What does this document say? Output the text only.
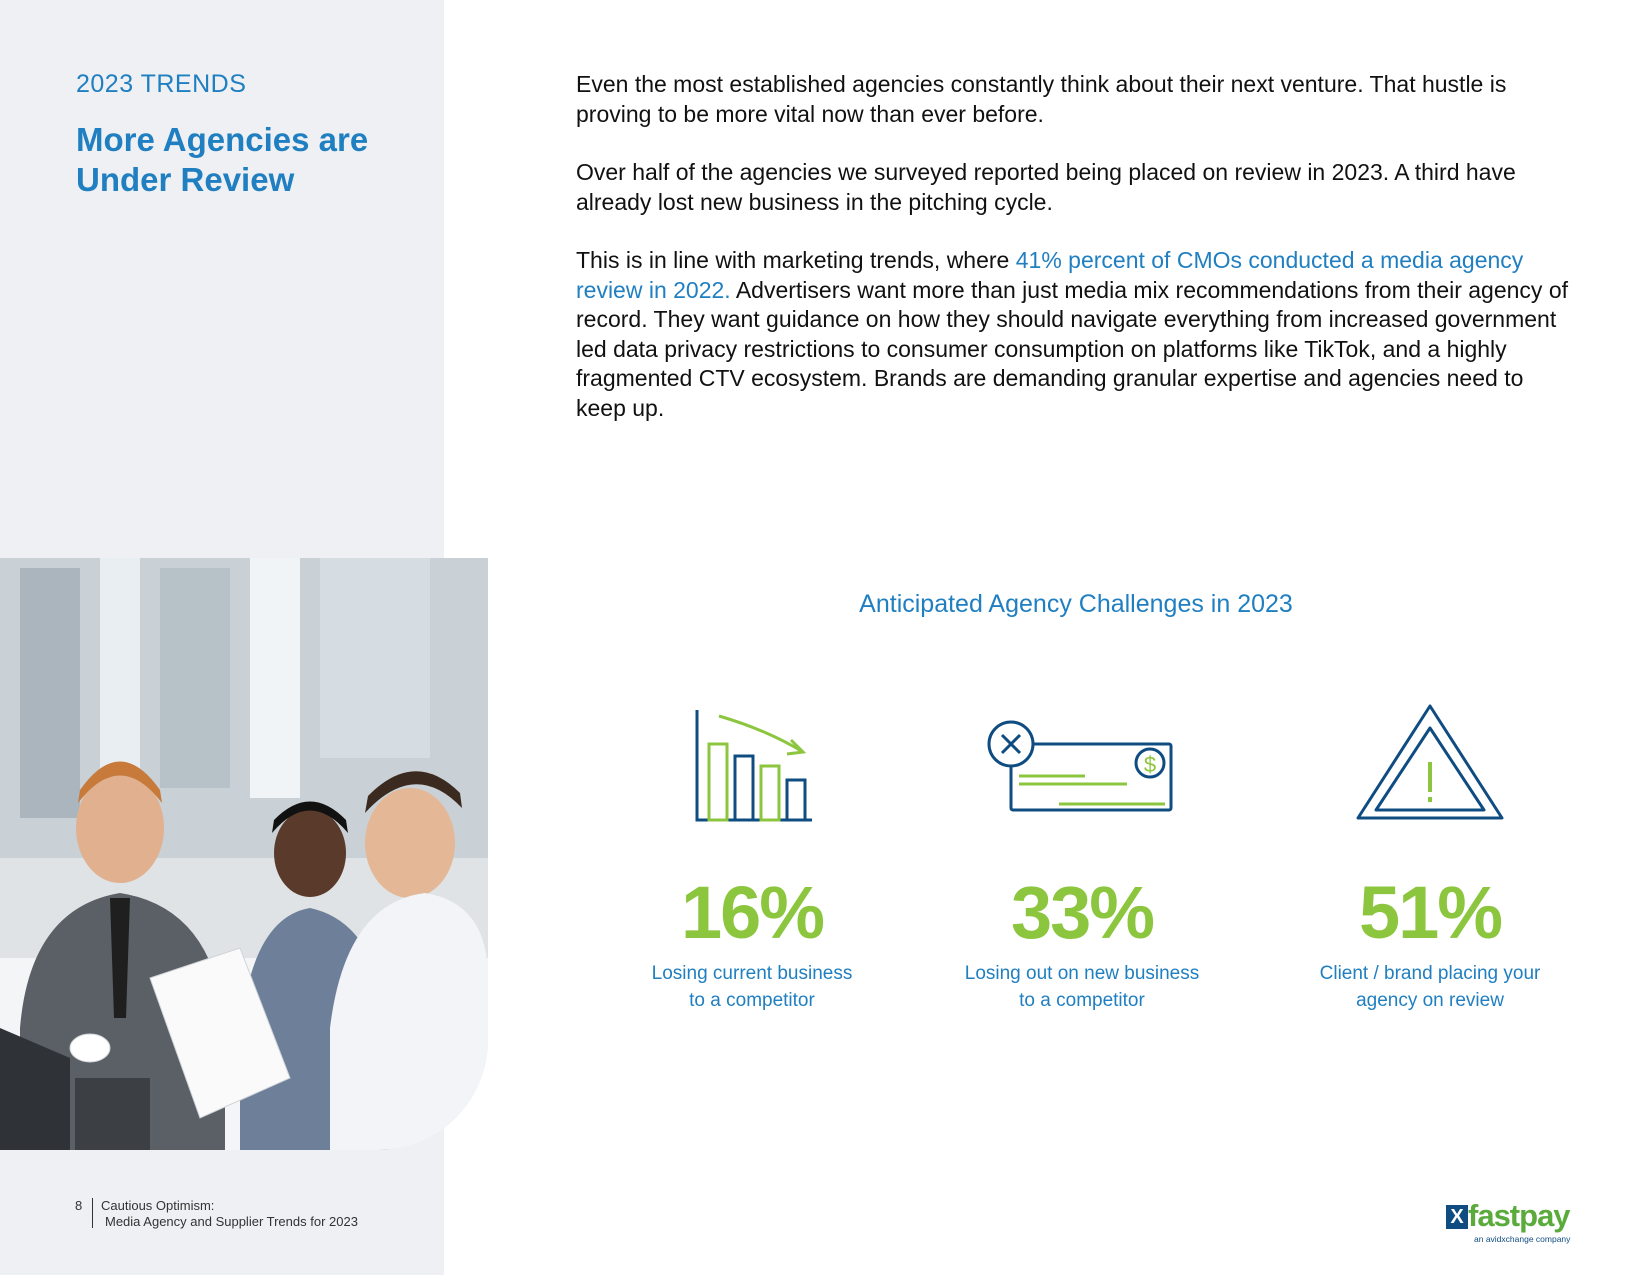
2023 TRENDS
More Agencies are Under Review
8 Cautious Optimism:
Media Agency and Supplier Trends for 2023

Even the most established agencies constantly think about their next venture. That hustle is proving to be more vital now than ever before.

Over half of the agencies we surveyed reported being placed on review in 2023. A third have already lost new business in the pitching cycle.

This is in line with marketing trends, where 41% percent of CMOs conducted a media agency review in 2022. Advertisers want more than just media mix recommendations from their agency of record. They want guidance on how they should navigate everything from increased government led data privacy restrictions to consumer consumption on platforms like TikTok, and a highly fragmented CTV ecosystem. Brands are demanding granular expertise and agencies need to keep up.

Anticipated Agency Challenges in 2023
16%
Losing current business
to a competitor
$
33%
Losing out on new business
to a competitor
51%
Client / brand placing your
agency on review
X fastpay
an avidxchange company
